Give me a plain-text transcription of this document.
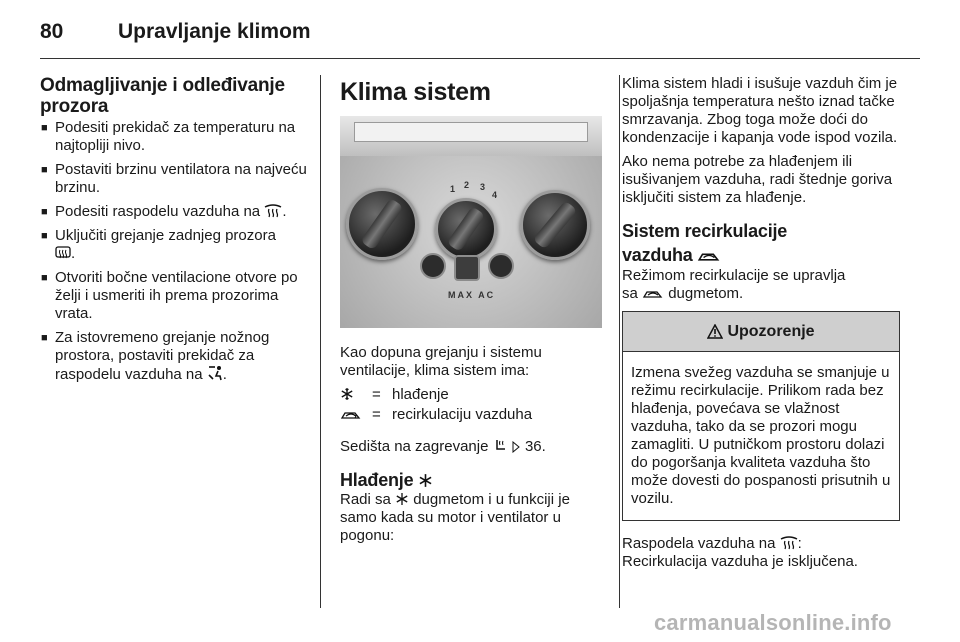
80	Upravljanje klimom
Odmagljivanje i odleđivanje
prozora
■ Podesiti prekidač za temperaturu na najtopliji nivo.
■ Postaviti brzinu ventilatora na najveću brzinu.
■ Podesiti raspodelu vazduha na .
■ Uključiti grejanje zadnjeg prozora
.
■ Otvoriti bočne ventilacione otvore po želji i usmeriti ih prema prozorima vrata.
■ Za istovremeno grejanje nožnog prostora, postaviti prekidač za raspodelu vazduha na .
Klima sistem
1 2 3
4
MAX AC

Kao dopuna grejanju i sistemu ventilacije, klima sistem ima:

= hlađenje
= recirkulaciju vazduha

Sedišta na zagrevanje 36.

Hlađenje

Radi sa dugmetom i u funkciji je samo kada su motor i ventilator u pogonu:

Klima sistem hladi i isušuje vazduh čim je spoljašnja temperatura nešto iznad tačke smrzavanja. Zbog toga može doći do kondenzacije i kapanja vode ispod vozila.

Ako nema potrebe za hlađenjem ili isušivanjem vazduha, radi štednje goriva isključiti sistem za hlađenje.

Sistem recirkulacije
vazduha

Režimom recirkulacije se upravlja
sa dugmetom.

Upozorenje
Izmena svežeg vazduha se smanjuje u režimu recirkulacije. Prilikom rada bez hlađenja, povećava se vlažnost vazduha, tako da se prozori mogu zamagliti. U putničkom prostoru dolazi do pogoršanja kvaliteta vazduha što može dovesti do pospanosti prisutnih u vozilu.

Raspodela vazduha na :

Recirkulacija vazduha je isključena.

carmanualsonline.info
